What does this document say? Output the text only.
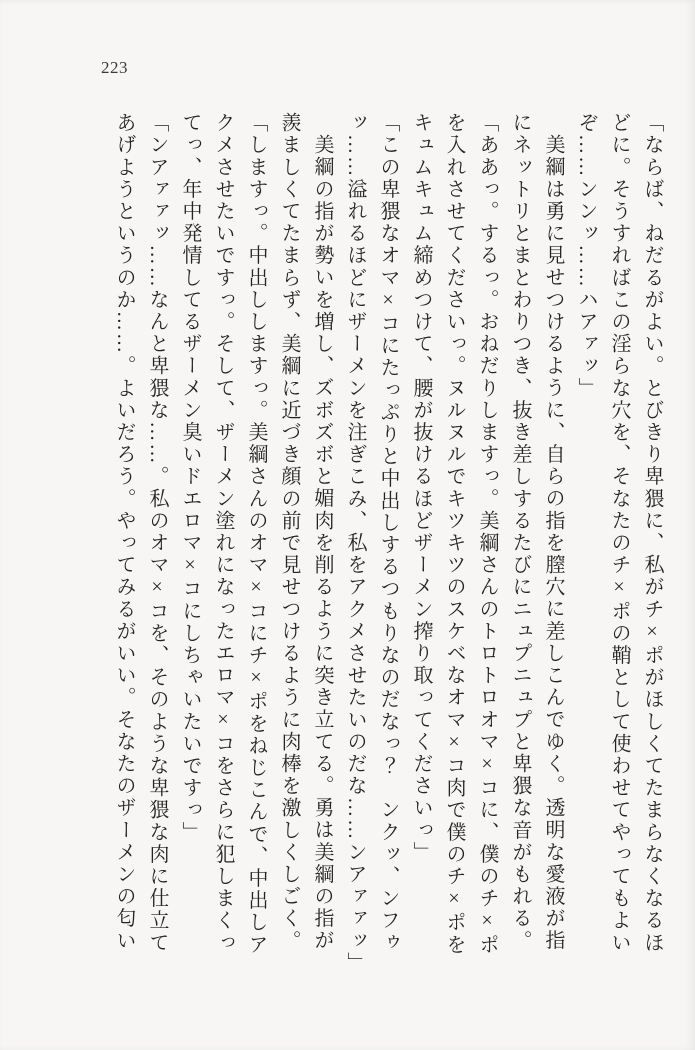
223
「ならば、ねだるがよい。とびきり卑猥に、私がチ×ポがほしくてたまらなくなるほ
どに。そうすればこの淫らな穴を、そなたのチ×ポの鞘として使わせてやってもよい
ぞ……ンンッ……ハアァッ」
美綱は勇に見せつけるように、自らの指を膣穴に差しこんでゆく。透明な愛液が指
にネットリとまとわりつき、抜き差しするたびにニュプニュプと卑猥な音がもれる。
「ああっ。するっ。おねだりしますっ。美綱さんのトロトロオマ×コに、僕のチ×ポ
を入れさせてくださいっ。ヌルヌルでキツキツのスケベなオマ×コ肉で僕のチ×ポを
キュムキュム締めつけて、腰が抜けるほどザーメン搾り取ってくださいっ」
「この卑猥なオマ×コにたっぷりと中出しするつもりなのだなっ？　ンクッ、ンフゥ
ッ……溢れるほどにザーメンを注ぎこみ、私をアクメさせたいのだな……ンアァァッ」
美綱の指が勢いを増し、ズボズボと媚肉を削るように突き立てる。勇は美綱の指が
羨ましくてたまらず、美綱に近づき顔の前で見せつけるように肉棒を激しくしごく。
「しますっ。中出ししますっ。美綱さんのオマ×コにチ×ポをねじこんで、中出しア
クメさせたいですっ。そして、ザーメン塗れになったエロマ×コをさらに犯しまくっ
てっ、年中発情してるザーメン臭いドエロマ×コにしちゃいたいですっ」
「ンアァァッ……なんと卑猥な……。私のオマ×コを、そのような卑猥な肉に仕立て
あげようというのか……。よいだろう。やってみるがいい。そなたのザーメンの匂い
